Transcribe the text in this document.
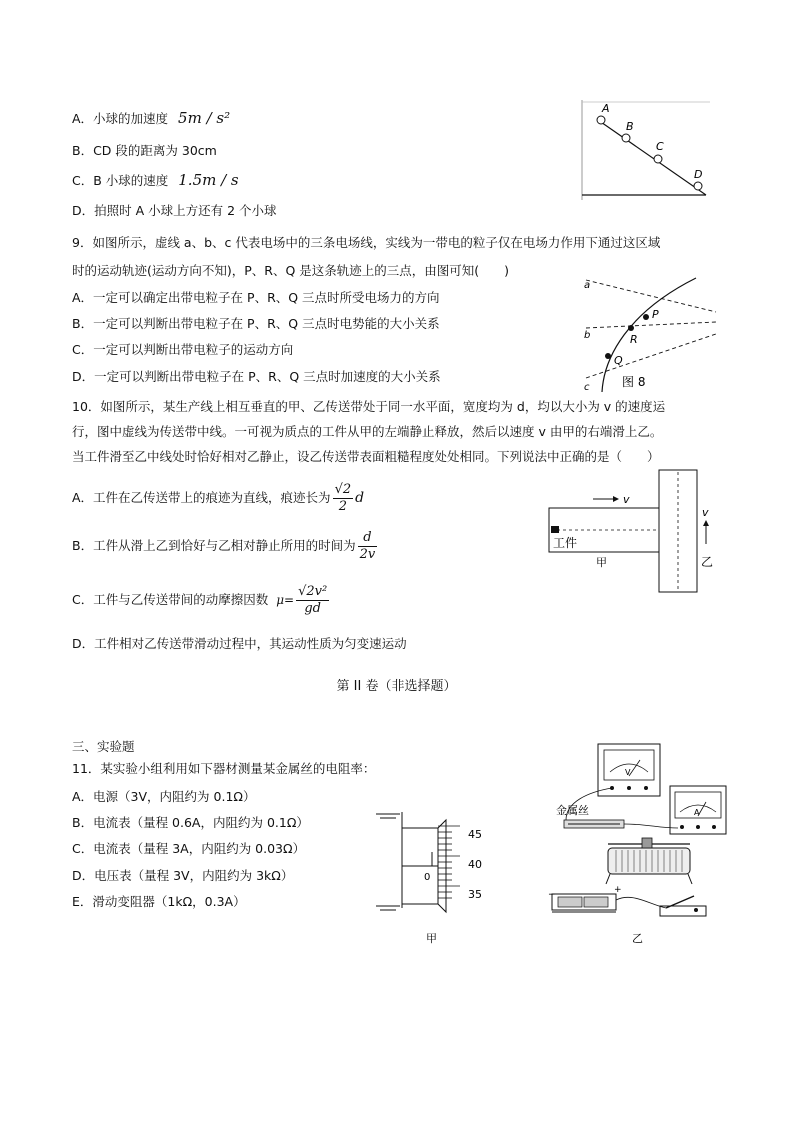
A．小球的加速度 5m / s²
B．CD 段的距离为 30cm
C．B 小球的速度 1.5m / s
D．拍照时 A 小球上方还有 2 个小球
A
B
C
D
9．如图所示，虚线 a、b、c 代表电场中的三条电场线，实线为一带电的粒子仅在电场力作用下通过这区域
时的运动轨迹(运动方向不知)，P、R、Q 是这条轨迹上的三点，由图可知(　　)
A．一定可以确定出带电粒子在 P、R、Q 三点时所受电场力的方向
B．一定可以判断出带电粒子在 P、R、Q 三点时电势能的大小关系
C．一定可以判断出带电粒子的运动方向
D．一定可以判断出带电粒子在 P、R、Q 三点时加速度的大小关系
a
b
c
P
R
Q
图 8
10．如图所示，某生产线上相互垂直的甲、乙传送带处于同一水平面，宽度均为 d，均以大小为 v 的速度运
行，图中虚线为传送带中线。一可视为质点的工件从甲的左端静止释放，然后以速度 v 由甲的右端滑上乙。
当工件滑至乙中线处时恰好相对乙静止，设乙传送带表面粗糙程度处处相同。下列说法中正确的是（　　）
A．工件在乙传送带上的痕迹为直线，痕迹长为 $\frac{√2}{2}$ d
B．工件从滑上乙到恰好与乙相对静止所用的时间为 $\frac{d}{2v}$
C．工件与乙传送带间的动摩擦因数 $\mu= \frac{\text{√2v²}}{gd}$
D．工件相对乙传送带滑动过程中，其运动性质为匀变速运动
v
v
工件
甲	乙
第 II 卷（非选择题）
三、实验题
11．某实验小组利用如下器材测量某金属丝的电阻率：
A．电源（3V，内阻约为 0.1Ω）
B．电流表（量程 0.6A，内阻约为 0.1Ω）
C．电流表（量程 3A，内阻约为 0.03Ω）
D．电压表（量程 3V，内阻约为 3kΩ）
E．滑动变阻器（1kΩ，0.3A）
0
45
40
35
甲
V
A
金属丝
−	+
乙
